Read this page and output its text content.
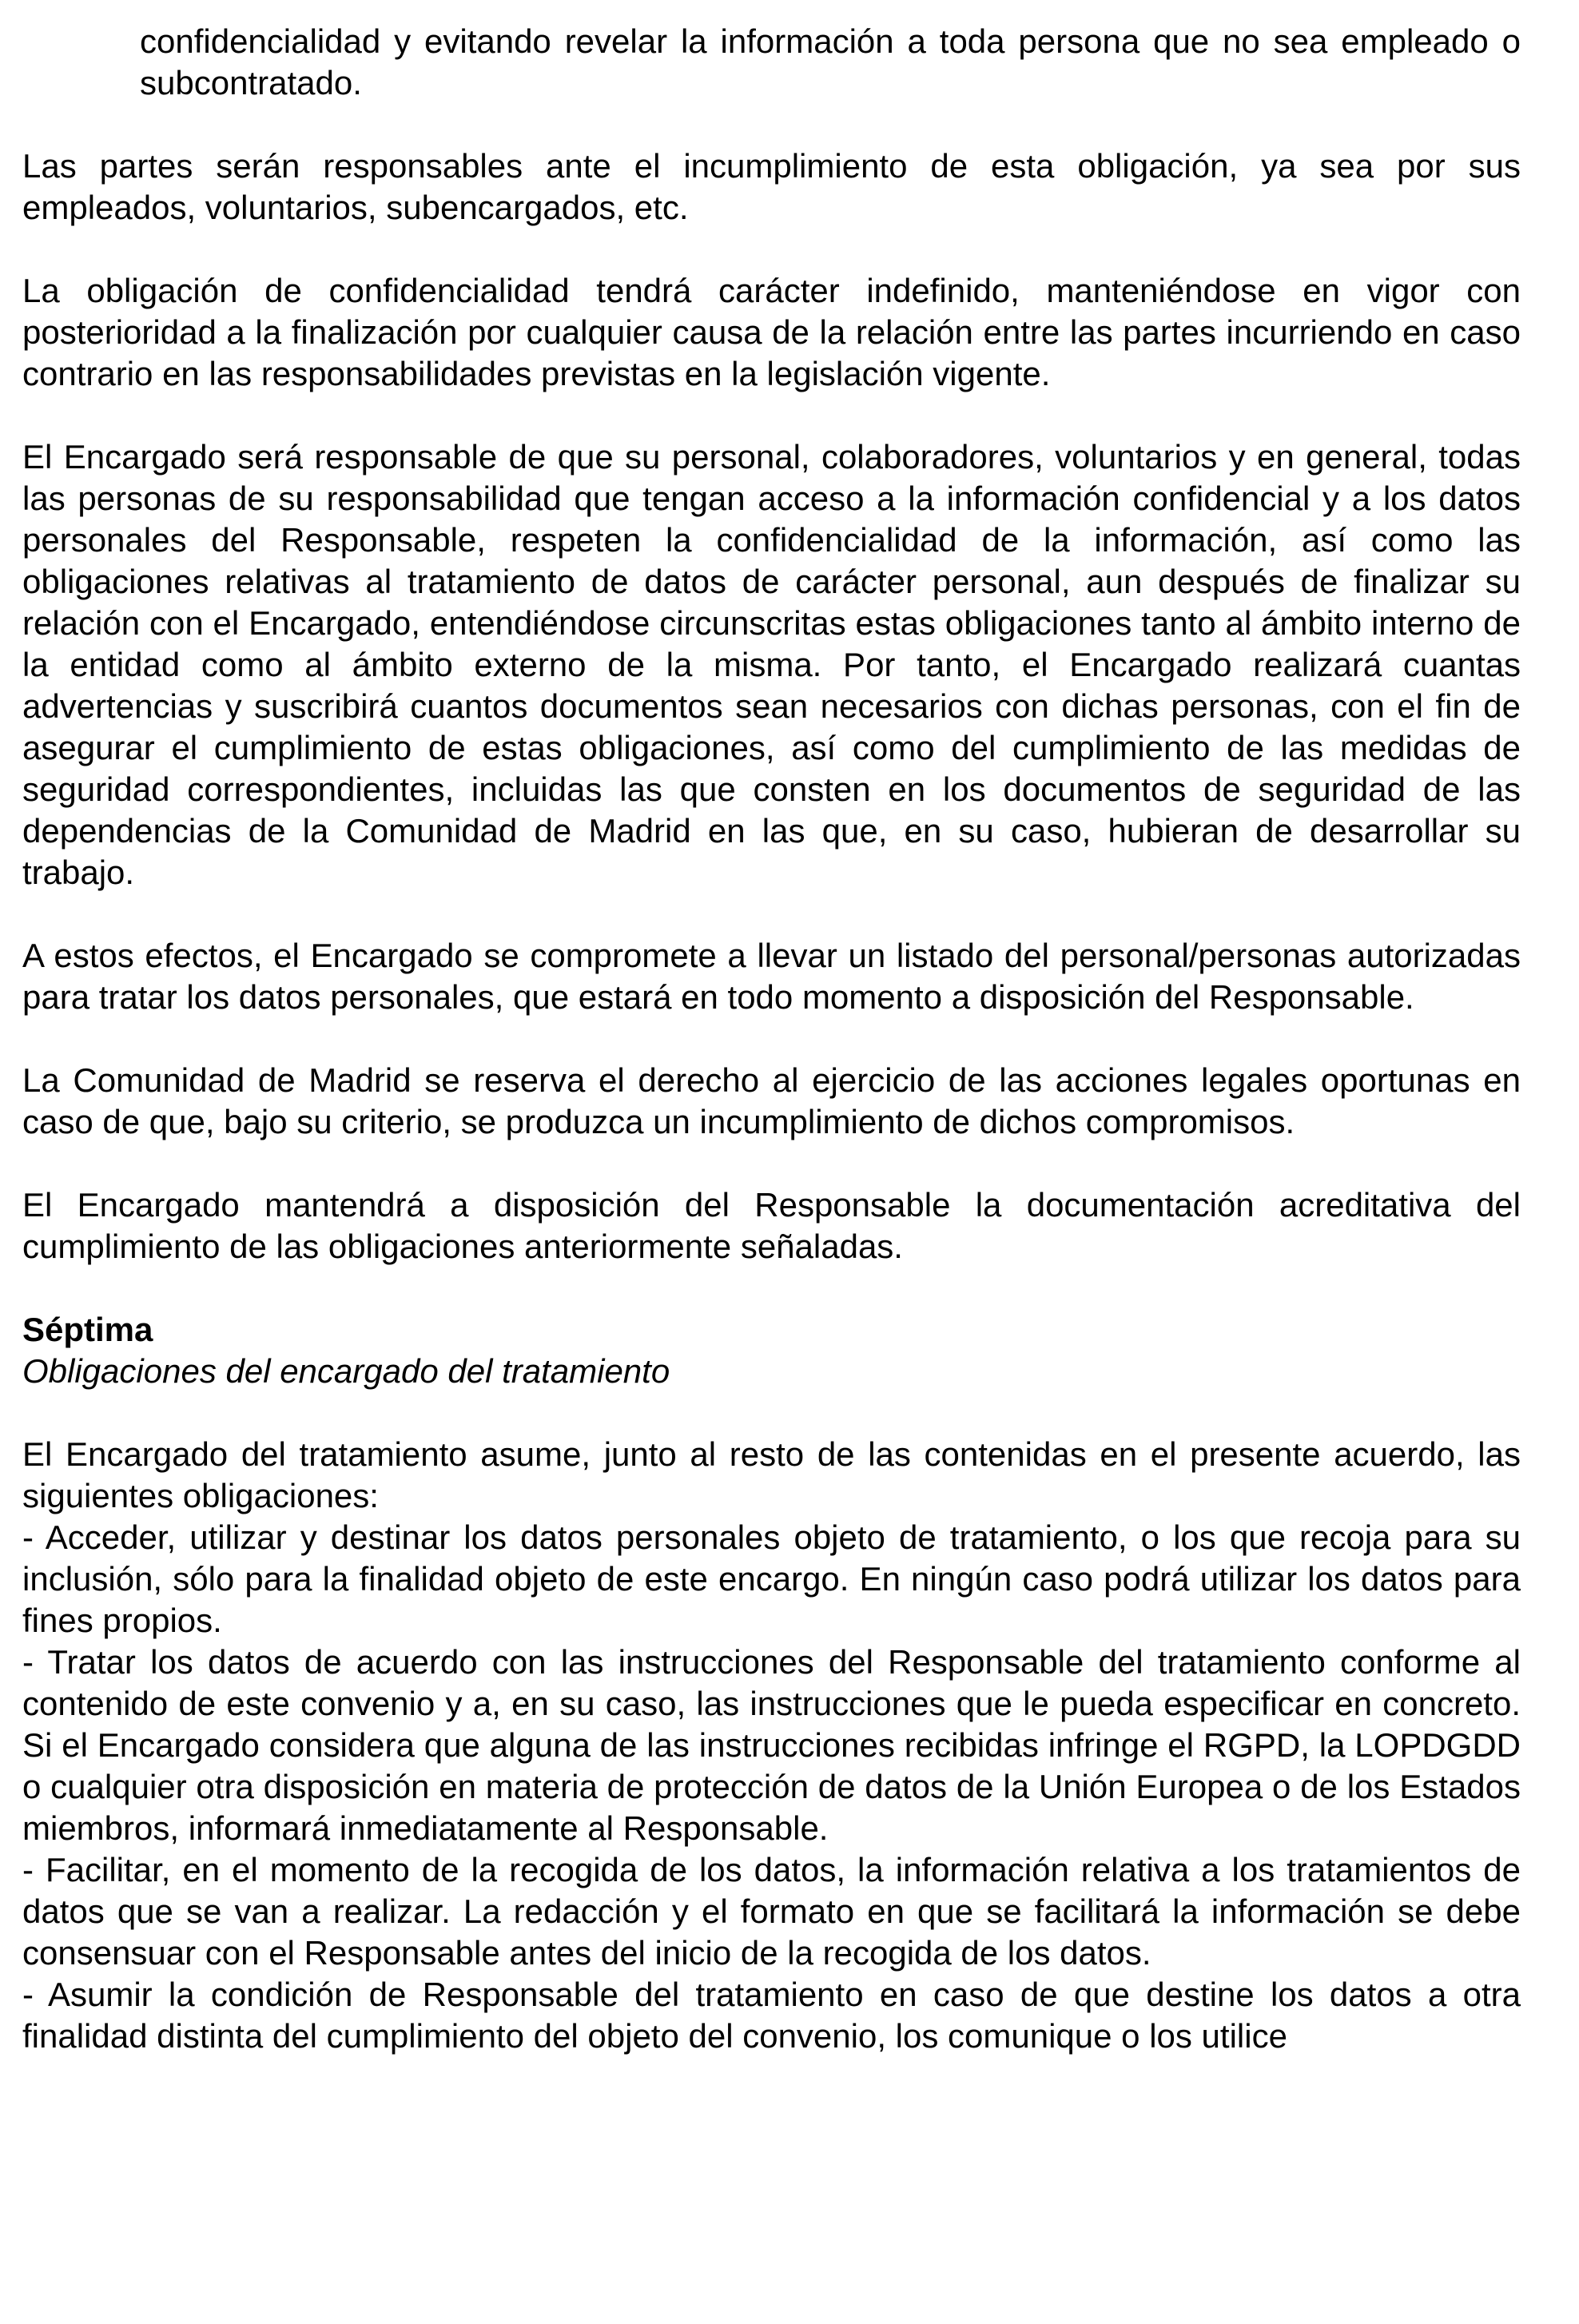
confidencialidad y evitando revelar la información a toda persona que no sea empleado o subcontratado.

Las partes serán responsables ante el incumplimiento de esta obligación, ya sea por sus empleados, voluntarios, subencargados, etc.

La obligación de confidencialidad tendrá carácter indefinido, manteniéndose en vigor con posterioridad a la finalización por cualquier causa de la relación entre las partes incurriendo en caso contrario en las responsabilidades previstas en la legislación vigente.

El Encargado será responsable de que su personal, colaboradores, voluntarios y en general, todas las personas de su responsabilidad que tengan acceso a la información confidencial y a los datos personales del Responsable, respeten la confidencialidad de la información, así como las obligaciones relativas al tratamiento de datos de carácter personal, aun después de finalizar su relación con el Encargado, entendiéndose circunscritas estas obligaciones tanto al ámbito interno de la entidad como al ámbito externo de la misma. Por tanto, el Encargado realizará cuantas advertencias y suscribirá cuantos documentos sean necesarios con dichas personas, con el fin de asegurar el cumplimiento de estas obligaciones, así como del cumplimiento de las medidas de seguridad correspondientes, incluidas las que consten en los documentos de seguridad de las dependencias de la Comunidad de Madrid en las que, en su caso, hubieran de desarrollar su trabajo.

A estos efectos, el Encargado se compromete a llevar un listado del personal/personas autorizadas para tratar los datos personales, que estará en todo momento a disposición del Responsable.

La Comunidad de Madrid se reserva el derecho al ejercicio de las acciones legales oportunas en caso de que, bajo su criterio, se produzca un incumplimiento de dichos compromisos.

El Encargado mantendrá a disposición del Responsable la documentación acreditativa del cumplimiento de las obligaciones anteriormente señaladas.

Séptima

Obligaciones del encargado del tratamiento

El Encargado del tratamiento asume, junto al resto de las contenidas en el presente acuerdo, las siguientes obligaciones:

- Acceder, utilizar y destinar los datos personales objeto de tratamiento, o los que recoja para su inclusión, sólo para la finalidad objeto de este encargo. En ningún caso podrá utilizar los datos para fines propios.

- Tratar los datos de acuerdo con las instrucciones del Responsable del tratamiento conforme al contenido de este convenio y a, en su caso, las instrucciones que le pueda especificar en concreto. Si el Encargado considera que alguna de las instrucciones recibidas infringe el RGPD, la LOPDGDD o cualquier otra disposición en materia de protección de datos de la Unión Europea o de los Estados miembros, informará inmediatamente al Responsable.

- Facilitar, en el momento de la recogida de los datos, la información relativa a los tratamientos de datos que se van a realizar. La redacción y el formato en que se facilitará la información se debe consensuar con el Responsable antes del inicio de la recogida de los datos.

- Asumir la condición de Responsable del tratamiento en caso de que destine los datos a otra finalidad distinta del cumplimiento del objeto del convenio, los comunique o los utilice
